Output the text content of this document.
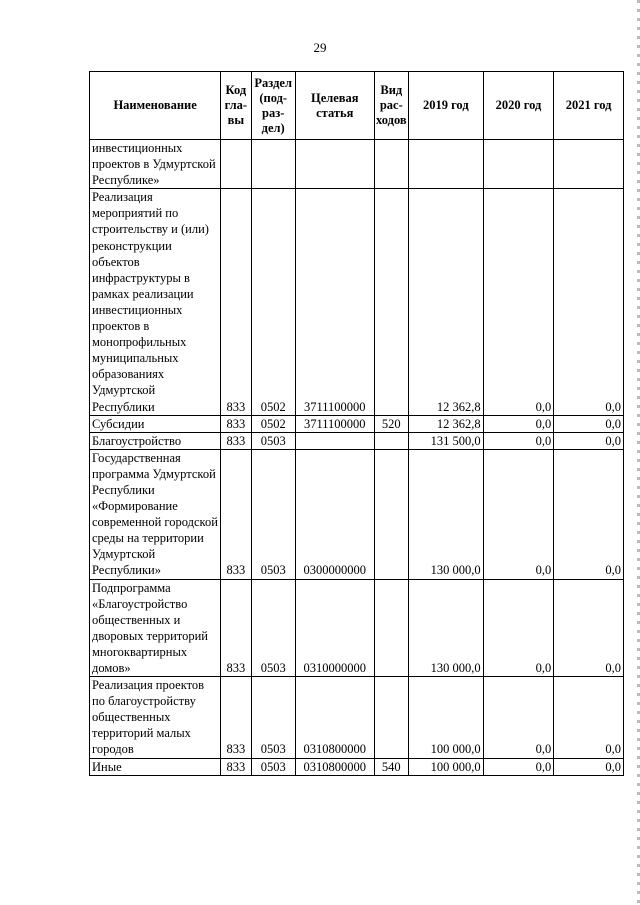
29
Наименование	Код гла-вы	Раздел (под-раз-дел)	Целевая статья	Вид рас-ходов	2019 год	2020 год	2021 год
инвестиционных проектов в Удмуртской Республике»							
Реализация мероприятий по строительству и (или) реконструкции объектов инфраструктуры в рамках реализации инвестиционных проектов в монопрофильных муниципальных образованиях Удмуртской Республики	833	0502	3711100000		12 362,8	0,0	0,0
Субсидии	833	0502	3711100000	520	12 362,8	0,0	0,0
Благоустройство	833	0503			131 500,0	0,0	0,0
Государственная программа Удмуртской Республики «Формирование современной городской среды на территории Удмуртской Республики»	833	0503	0300000000		130 000,0	0,0	0,0
Подпрограмма «Благоустройство общественных и дворовых территорий многоквартирных домов»	833	0503	0310000000		130 000,0	0,0	0,0
Реализация проектов по благоустройству общественных территорий малых городов	833	0503	0310800000		100 000,0	0,0	0,0
Иные	833	0503	0310800000	540	100 000,0	0,0	0,0
